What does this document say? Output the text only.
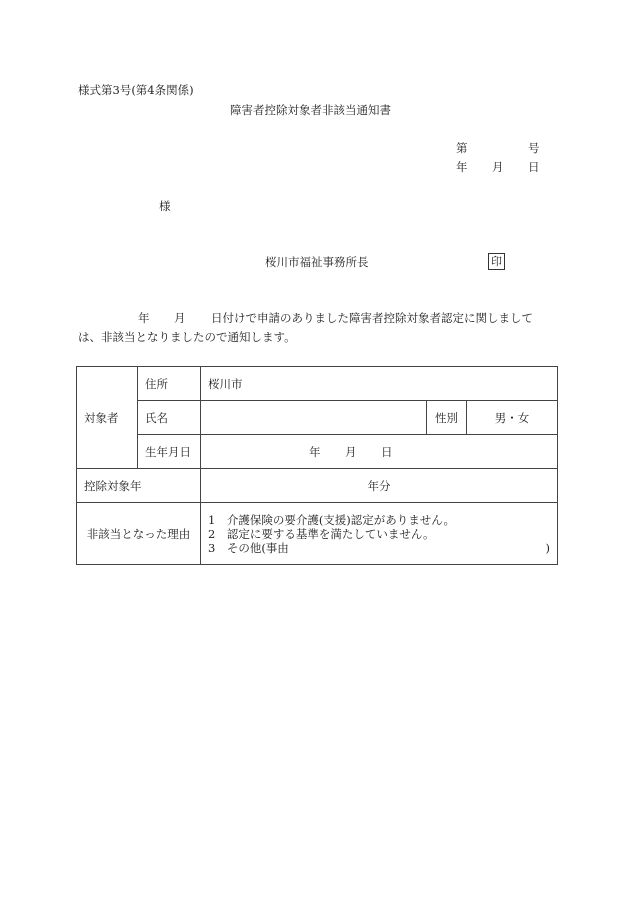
様式第3号(第4条関係)
障害者控除対象者非該当通知書
第	号
年 月 日
様
桜川市福祉事務所長	印
年 月 日付けで申請のありました障害者控除対象者認定に関しまして
は、非該当となりましたので通知します。
対象者	住所	桜川市		
	氏名		性別	男・女
	生年月日	年 月 日		

控除対象年		年分		
非該当となった理由		1　介護保険の要介護(支援)認定がありません。
2　認定に要する基準を満たしていません。
3　その他(事由 )		
